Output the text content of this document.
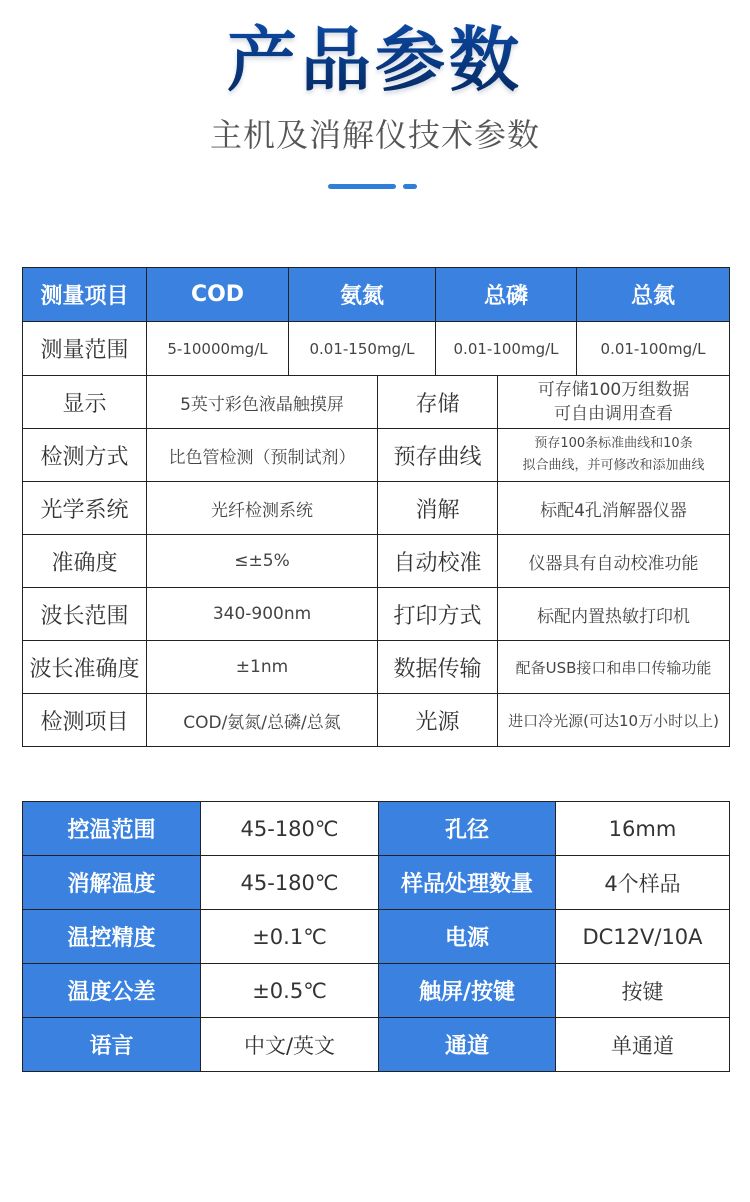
产品参数
主机及消解仪技术参数
测量项目	COD	氨氮		总磷		总氮
测量范围	5-10000mg/L	0.01-150mg/L		0.01-100mg/L		0.01-100mg/L
显示	5英寸彩色液晶触摸屏		存储		可存储100万组数据
可自由调用查看	

检测方式	比色管检测（预制试剂）		预存曲线		预存100条标准曲线和10条
拟合曲线，并可修改和添加曲线	

光学系统	光纤检测系统		消解		标配4孔消解器仪器	
准确度	≤±5%		自动校准		仪器具有自动校准功能	
波长范围	340-900nm		打印方式		标配内置热敏打印机	
波长准确度	±1nm		数据传输		配备USB接口和串口传输功能	
检测项目	COD/氨氮/总磷/总氮		光源		进口冷光源(可达10万小时以上)	
控温范围	45-180℃	孔径	16mm
消解温度	45-180℃	样品处理数量	4个样品
温控精度	±0.1℃	电源	DC12V/10A
温度公差	±0.5℃	触屏/按键	按键
语言	中文/英文	通道	单通道
